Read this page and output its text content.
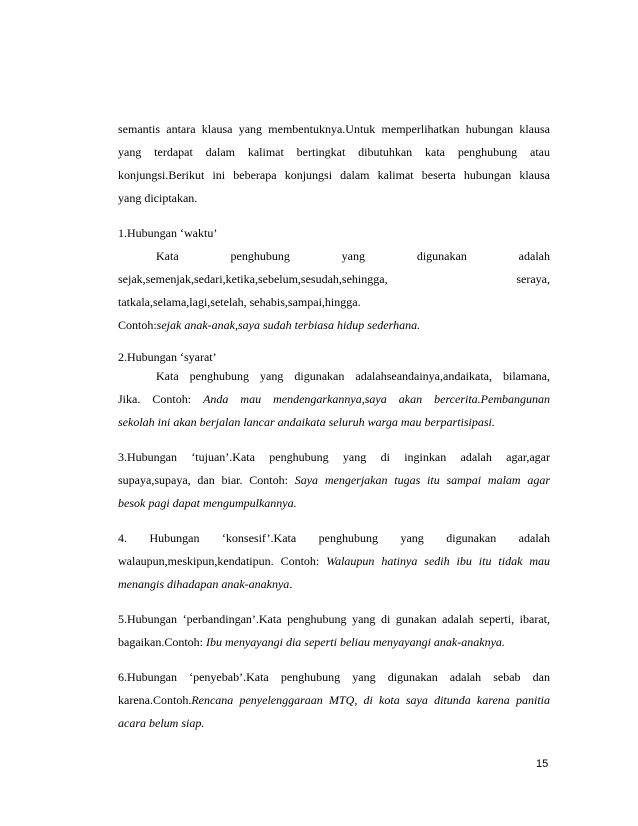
semantis antara klausa yang membentuknya.Untuk memperlihatkan hubungan klausa
yang terdapat dalam kalimat bertingkat dibutuhkan kata penghubung atau
konjungsi.Berikut ini beberapa konjungsi dalam kalimat beserta hubungan klausa
yang diciptakan.
1.Hubungan ‘waktu’
Kata penghubung yang digunakan adalah
sejak,semenjak,sedari,ketika,sebelum,sesudah,sehingga, seraya,
tatkala,selama,lagi,setelah, sehabis,sampai,hingga.
Contoh:sejak anak-anak,saya sudah terbiasa hidup sederhana.
2.Hubungan ‘syarat’
Kata penghubung yang digunakan adalahseandainya,andaikata, bilamana,
Jika. Contoh: Anda mau mendengarkannya,saya akan bercerita.Pembangunan
sekolah ini akan berjalan lancar andaikata seluruh warga mau berpartisipasi.
3.Hubungan ‘tujuan’.Kata penghubung yang di inginkan adalah agar,agar
supaya,supaya, dan biar. Contoh: Saya mengerjakan tugas itu sampai malam agar
besok pagi dapat mengumpulkannya.
4. Hubungan ‘konsesif’.Kata penghubung yang digunakan adalah
walaupun,meskipun,kendatipun. Contoh: Walaupun hatinya sedih ibu itu tidak mau
menangis dihadapan anak-anaknya.
5.Hubungan ‘perbandingan’.Kata penghubung yang di gunakan adalah seperti, ibarat,
bagaikan.Contoh: Ibu menyayangi dia seperti beliau menyayangi anak-anaknya.
6.Hubungan ‘penyebab’.Kata penghubung yang digunakan adalah sebab dan
karena.Contoh.Rencana penyelenggaraan MTQ, di kota saya ditunda karena panitia
acara belum siap.
15
